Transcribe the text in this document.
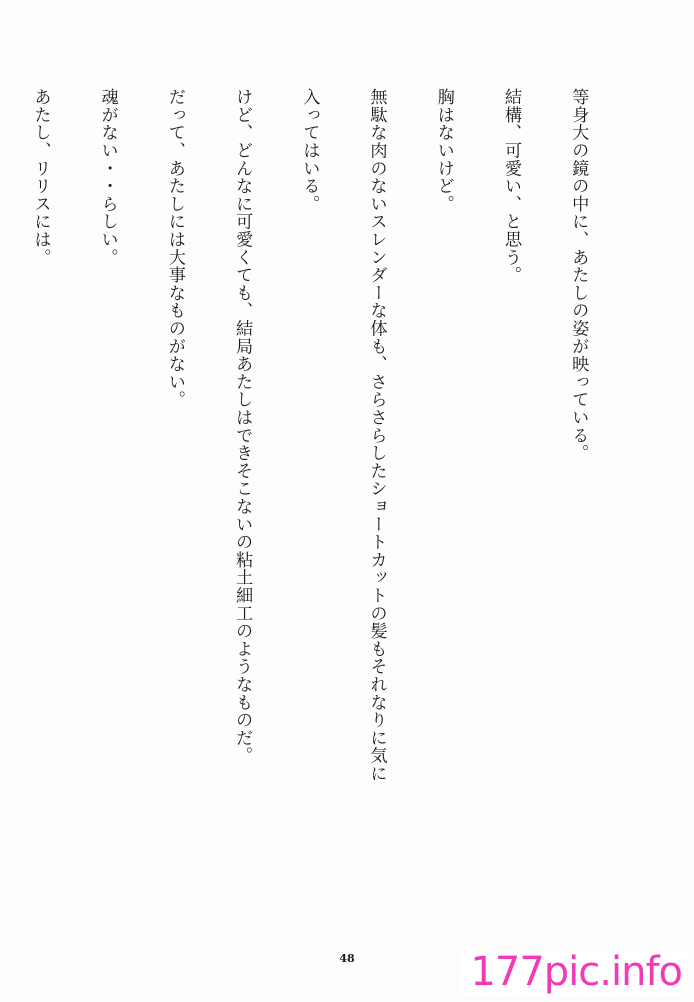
等身大の鏡の中に、あたしの姿が映っている。

結構、可愛い、と思う。

胸はないけど。

無駄な肉のないスレンダーな体も、さらさらしたショートカットの髪もそれなりに気に

入ってはいる。

けど、どんなに可愛くても、結局あたしはできそこないの粘土細工のようなものだ。

だって、あたしには大事なものがない。

魂がない・・らしい。

あたし、リリスには。

48	177pic.info
